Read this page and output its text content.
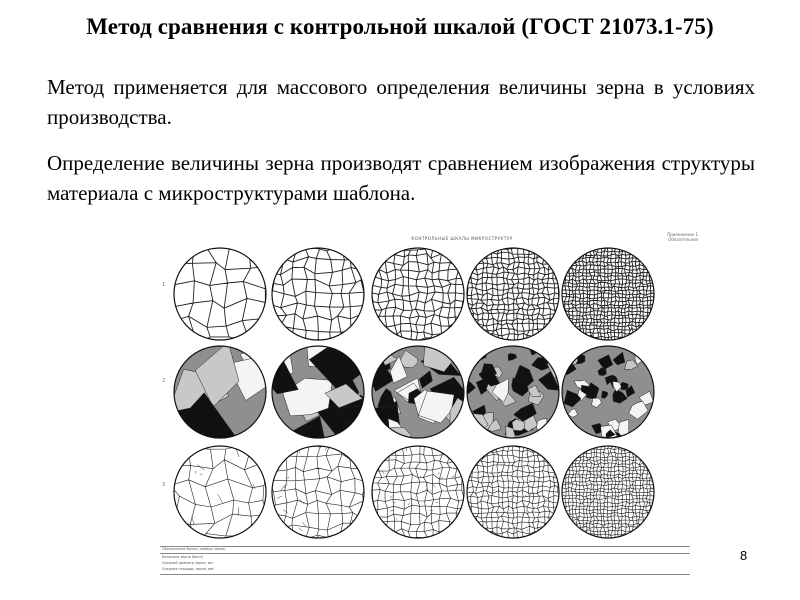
Метод сравнения с контрольной шкалой (ГОСТ 21073.1-75)
Метод применяется для массового определения величины зерна в условиях производства.
Определение величины зерна производят сравнением изображения структуры материала с микроструктурами шаблона.
КОНТРОЛЬНЫЕ ШКАЛЫ МИКРОСТРУКТУР
Приложение 1
Обязательное
1
2
3
Обозначение балла (номера зерна)
Величина зерна (балл)
Средний диаметр зерна, мм
Средняя площадь зерна, мм²
8
